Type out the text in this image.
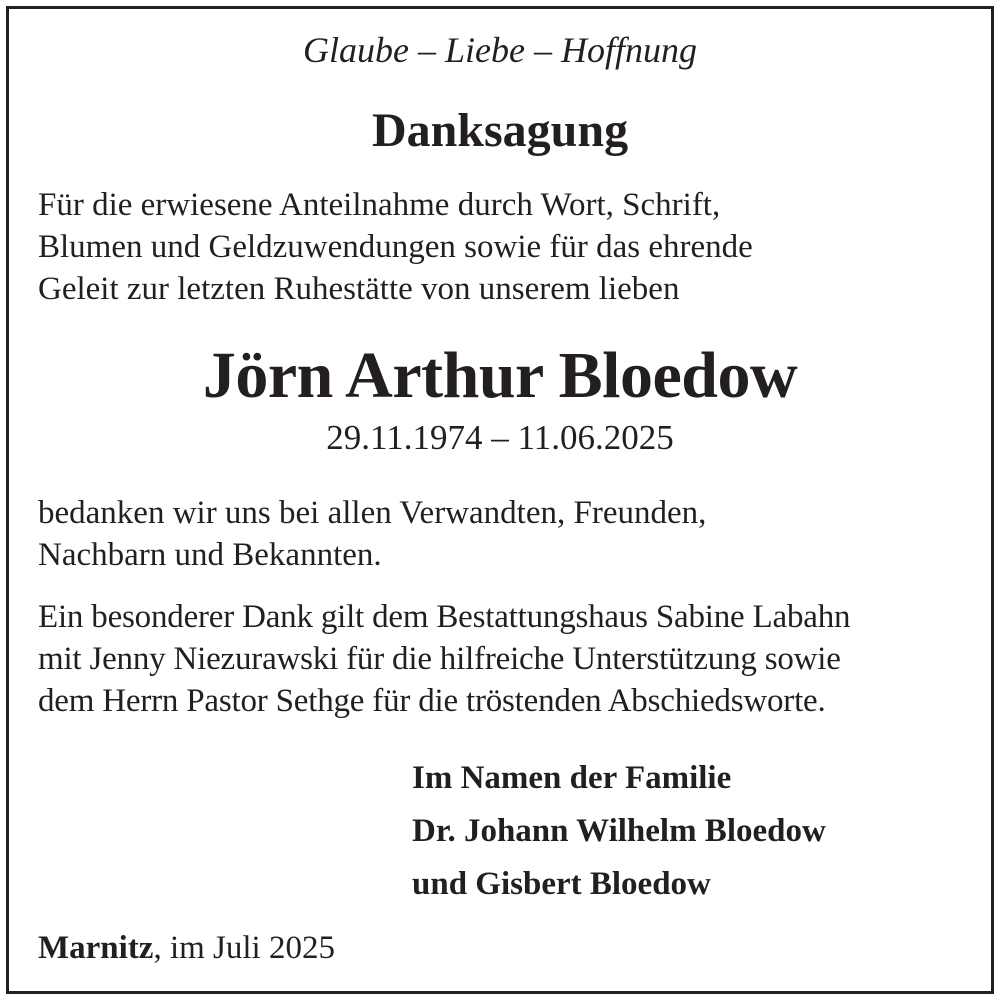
Glaube – Liebe – Hoffnung
Danksagung
Für die erwiesene Anteilnahme durch Wort, Schrift,
Blumen und Geldzuwendungen sowie für das ehrende
Geleit zur letzten Ruhestätte von unserem lieben
Jörn Arthur Bloedow
29.11.1974 – 11.06.2025
bedanken wir uns bei allen Verwandten, Freunden,
Nachbarn und Bekannten.
Ein besonderer Dank gilt dem Bestattungshaus Sabine Labahn
mit Jenny Niezurawski für die hilfreiche Unterstützung sowie
dem Herrn Pastor Sethge für die tröstenden Abschiedsworte.
Im Namen der Familie
Dr. Johann Wilhelm Bloedow
und Gisbert Bloedow
Marnitz, im Juli 2025
